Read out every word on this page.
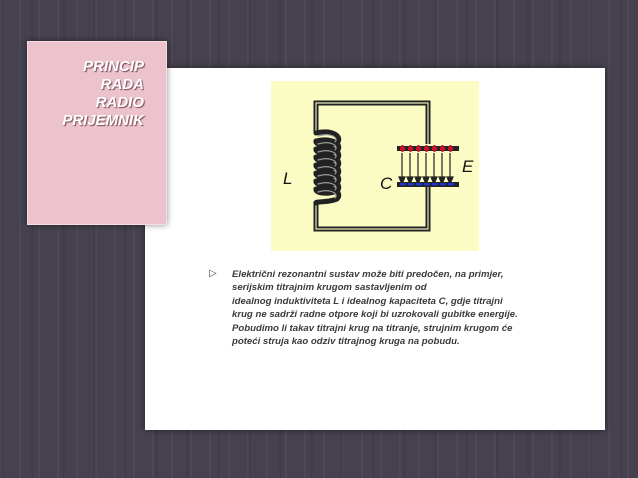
PRINCIP
RADA
RADIO
PRIJEMNIK
L	C
E
▷ Električni rezonantni sustav može biti predočen, na primjer,
serijskim titrajnim krugom sastavljenim od
idealnog induktiviteta L i idealnog kapaciteta C, gdje titrajni
krug ne sadrži radne otpore koji bi uzrokovali gubitke energije.
Pobudimo li takav titrajni krug na titranje, strujnim krugom će
poteći struja kao odziv titrajnog kruga na pobudu.
